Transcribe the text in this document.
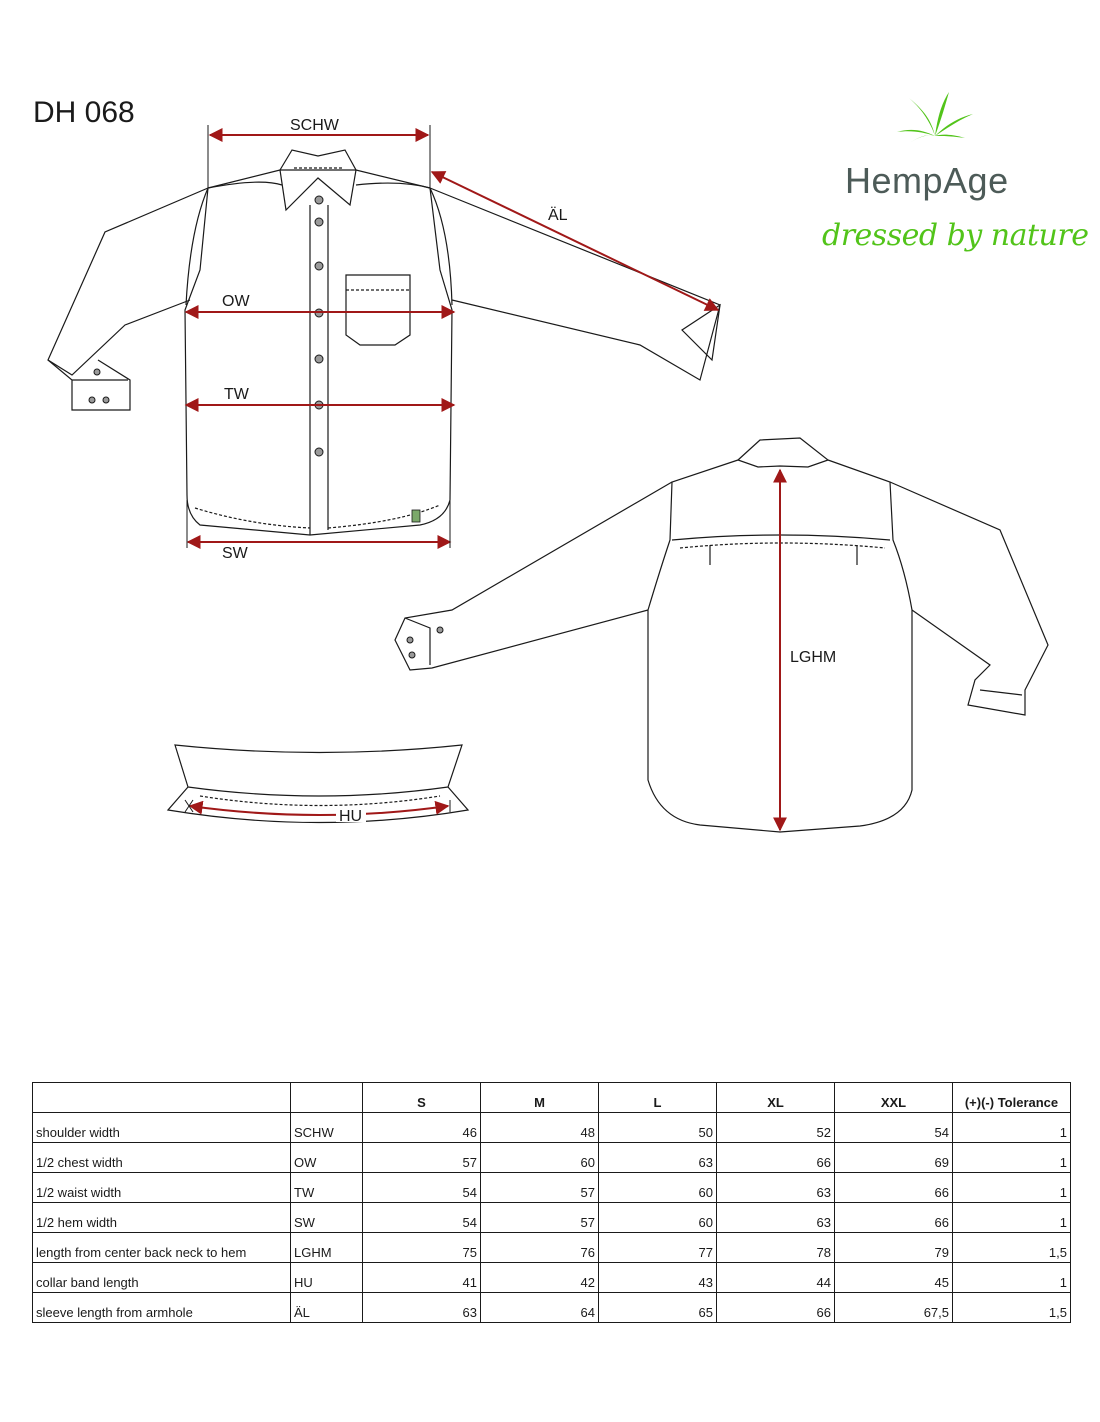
DH 068
HempAge
dressed by nature
SCHW
ÄL
OW
TW
SW
LGHM
HU
		S	M	L	XL	XXL	(+)(-) Tolerance
shoulder width	SCHW	46	48	50	52	54	1
1/2 chest width	OW	57	60	63	66	69	1
1/2 waist width	TW	54	57	60	63	66	1
1/2 hem width	SW	54	57	60	63	66	1
length from center back neck to hem	LGHM	75	76	77	78	79	1,5
collar band length	HU	41	42	43	44	45	1
sleeve length from armhole	ÄL	63	64	65	66	67,5	1,5
